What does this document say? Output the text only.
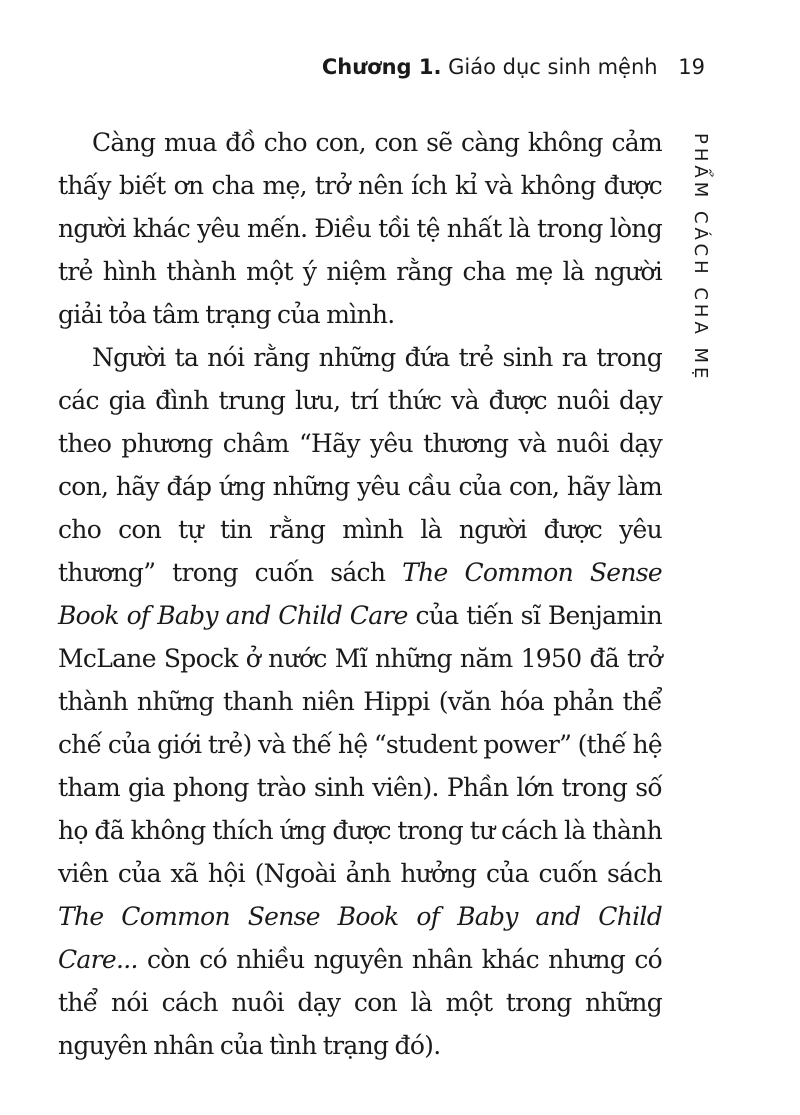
Chương 1. Giáo dục sinh mệnh 19

Càng mua đồ cho con, con sẽ càng không cảm thấy biết ơn cha mẹ, trở nên ích kỉ và không được người khác yêu mến. Điều tồi tệ nhất là trong lòng trẻ hình thành một ý niệm rằng cha mẹ là người giải tỏa tâm trạng của mình.

Người ta nói rằng những đứa trẻ sinh ra trong các gia đình trung lưu, trí thức và được nuôi dạy theo phương châm “Hãy yêu thương và nuôi dạy con, hãy đáp ứng những yêu cầu của con, hãy làm cho con tự tin rằng mình là người được yêu thương” trong cuốn sách The Common Sense Book of Baby and Child Care của tiến sĩ Benjamin McLane Spock ở nước Mĩ những năm 1950 đã trở thành những thanh niên Hippi (văn hóa phản thể chế của giới trẻ) và thế hệ “student power” (thế hệ tham gia phong trào sinh viên). Phần lớn trong số họ đã không thích ứng được trong tư cách là thành viên của xã hội (Ngoài ảnh hưởng của cuốn sách The Common Sense Book of Baby and Child Care... còn có nhiều nguyên nhân khác nhưng có thể nói cách nuôi dạy con là một trong những nguyên nhân của tình trạng đó).

PHẨM CÁCH CHA MẸ
